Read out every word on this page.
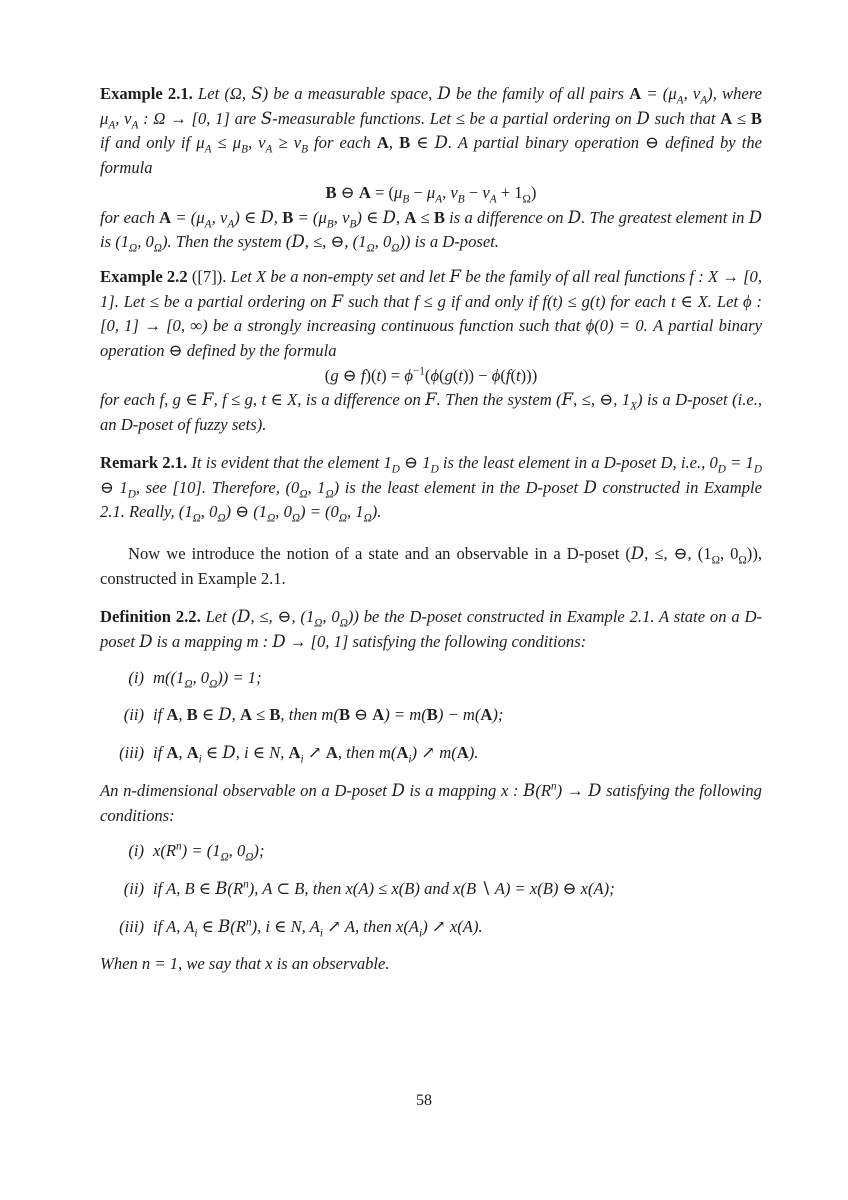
Example 2.1. Let (Ω, S) be a measurable space, D be the family of all pairs $A = (\mu_A$, $\nu_A$), where $\mu_A$, $\nu_A$ : Ω → [0, 1] are S-measurable functions. Let ≤ be a partial ordering on D such that A ≤ B if and only if $\mu_A \le \mu_B$, $\nu_A \ge \nu_B$ for each A, B ∈ D. A partial binary operation ⊖ defined by the formula

B ⊖ $A = (\mu_B - \mu_A$, $\nu_B - \nu_A + 1_\Omega$)

for each $A = (\mu_A$, $\nu_A$) ∈ D, $B = (\mu_B$, $\nu_B$) ∈ D, A ≤ B is a difference on D. The greatest element in D is ($1_\Omega$, $0_\Omega$). Then the system (D, ≤, ⊖, ($1_\Omega$, $0_\Omega$)) is a D-poset.

Example 2.2 ([7]). Let X be a non-empty set and let F be the family of all real functions f : X → [0, 1]. Let ≤ be a partial ordering on F such that f ≤ g if and only if f(t) ≤ g(t) for each t ∈ X. Let ϕ : [0, 1] → [0, ∞) be a strongly increasing continuous function such that ϕ(0) = 0. A partial binary operation ⊖ defined by the formula

(g ⊖ $f)(t) = \phi^{-1}(\phi(g(t)) - \phi(f(t)))$

for each f, g ∈ F, f ≤ g, t ∈ X, is a difference on F. Then the system (F, ≤, ⊖, $1_X$) is a D-poset (i.e., an D-poset of fuzzy sets).

Remark 2.1. It is evident that the element $1_D$ ⊖ $1_D$ is the least element in a D-poset D, i.e., $0_D = 1_D$ ⊖ $1_D$, see [10]. Therefore, ($0_\Omega$, $1_\Omega$) is the least element in the D-poset D constructed in Example 2.1. Really, ($1_\Omega$, $0_\Omega$) ⊖ ($1_\Omega$, $0_\Omega) = (0_\Omega$, $1_\Omega$).

Now we introduce the notion of a state and an observable in a D-poset (D, ≤, ⊖, ($1_\Omega$, $0_\Omega$)), constructed in Example 2.1.

Definition 2.2. Let (D, ≤, ⊖, ($1_\Omega$, $0_\Omega$)) be the D-poset constructed in Example 2.1. A state on a D-poset D is a mapping m : D → [0, 1] satisfying the following conditions:

(i) $m((1_\Omega$, $0_\Omega)) = 1$;
(ii) if A, B ∈ D, A ≤ B, then m(B ⊖ A) = m(B) − m(A);
(iii) if A, $A_i$ ∈ D, i ∈ N, $A_i$ ↗ A, then $m(A_i)$ ↗ m(A).

An n-dimensional observable on a D-poset D is a mapping x : $B(R^n) \to D$ satisfying the following conditions:

(i) $x(R^n) = (1_\Omega$, $0_\Omega$);
(ii) if A, B ∈ $B(R^n)$, A ⊂ B, then x(A) ≤ x(B) and x(B ∖ A) = x(B) ⊖ x(A);
(iii) if A, $A_i$ ∈ $B(R^n)$, i ∈ N, $A_i$ ↗ A, then $x(A_i)$ ↗ x(A).

When n = 1, we say that x is an observable.

58
